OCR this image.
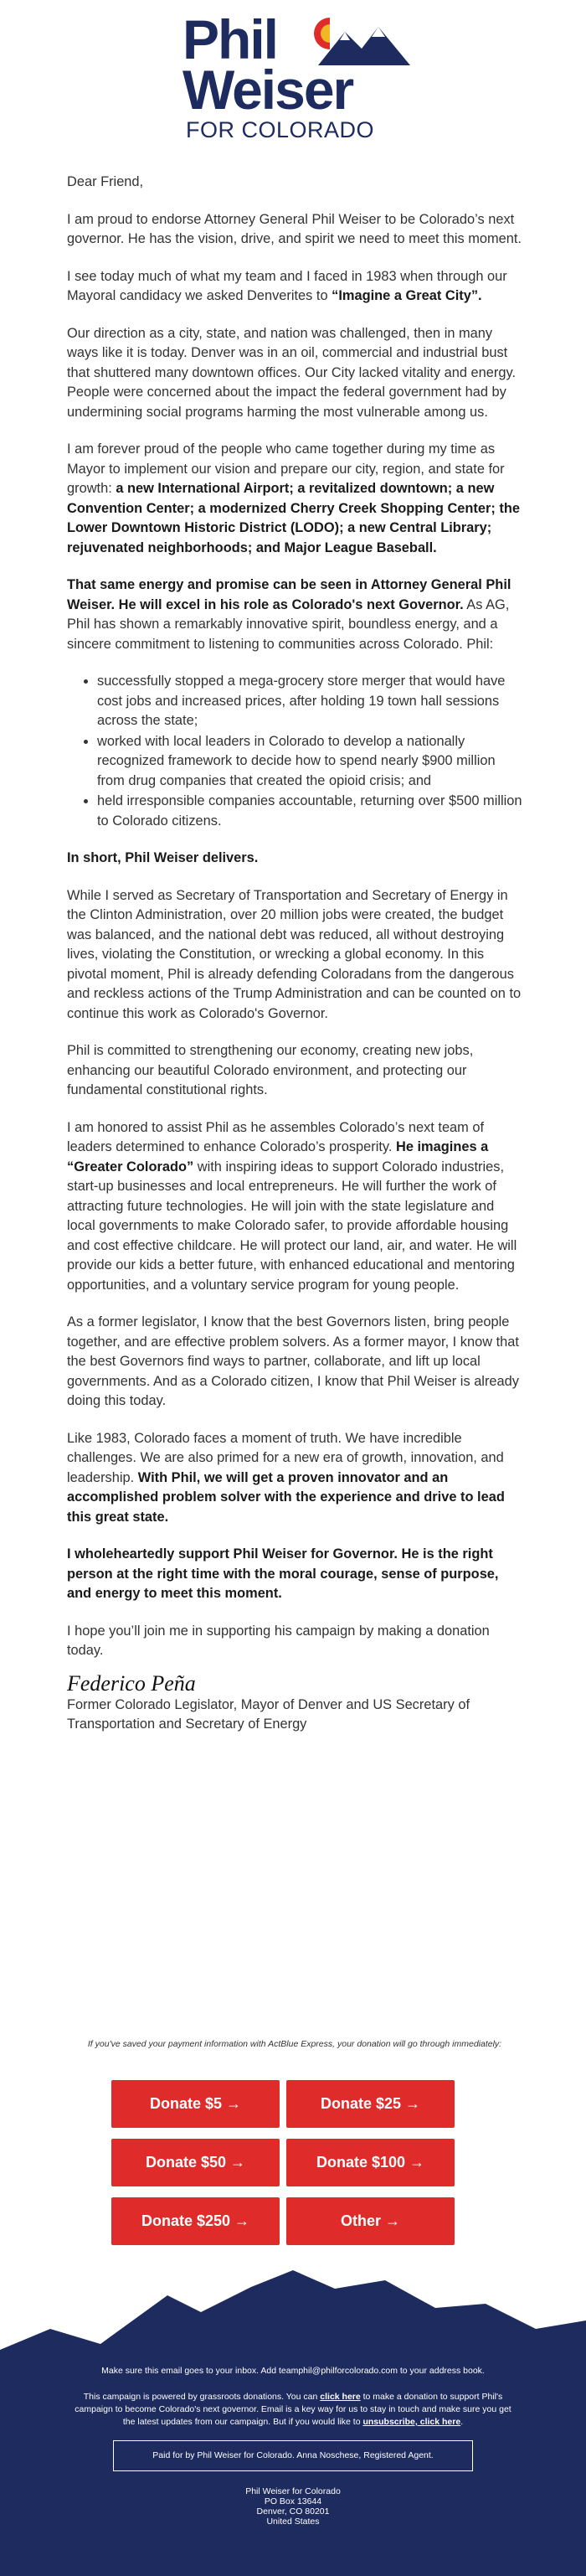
Phil
Weiser
FOR COLORADO

Dear Friend,

I am proud to endorse Attorney General Phil Weiser to be Colorado’s next governor. He has the vision, drive, and spirit we need to meet this moment.

I see today much of what my team and I faced in 1983 when through our Mayoral candidacy we asked Denverites to “Imagine a Great City”.

Our direction as a city, state, and nation was challenged, then in many ways like it is today. Denver was in an oil, commercial and industrial bust that shuttered many downtown offices. Our City lacked vitality and energy. People were concerned about the impact the federal government had by undermining social programs harming the most vulnerable among us.

I am forever proud of the people who came together during my time as Mayor to implement our vision and prepare our city, region, and state for growth: a new International Airport; a revitalized downtown; a new Convention Center; a modernized Cherry Creek Shopping Center; the Lower Downtown Historic District (LODO); a new Central Library; rejuvenated neighborhoods; and Major League Baseball.

That same energy and promise can be seen in Attorney General Phil Weiser. He will excel in his role as Colorado's next Governor. As AG, Phil has shown a remarkably innovative spirit, boundless energy, and a sincere commitment to listening to communities across Colorado. Phil:

• successfully stopped a mega-grocery store merger that would have cost jobs and increased prices, after holding 19 town hall sessions across the state;
• worked with local leaders in Colorado to develop a nationally recognized framework to decide how to spend nearly $900 million from drug companies that created the opioid crisis; and
• held irresponsible companies accountable, returning over $500 million to Colorado citizens.

In short, Phil Weiser delivers.

While I served as Secretary of Transportation and Secretary of Energy in the Clinton Administration, over 20 million jobs were created, the budget was balanced, and the national debt was reduced, all without destroying lives, violating the Constitution, or wrecking a global economy. In this pivotal moment, Phil is already defending Coloradans from the dangerous and reckless actions of the Trump Administration and can be counted on to continue this work as Colorado's Governor.

Phil is committed to strengthening our economy, creating new jobs, enhancing our beautiful Colorado environment, and protecting our fundamental constitutional rights.

I am honored to assist Phil as he assembles Colorado’s next team of leaders determined to enhance Colorado’s prosperity. He imagines a “Greater Colorado” with inspiring ideas to support Colorado industries, start-up businesses and local entrepreneurs. He will further the work of attracting future technologies. He will join with the state legislature and local governments to make Colorado safer, to provide affordable housing and cost effective childcare. He will protect our land, air, and water. He will provide our kids a better future, with enhanced educational and mentoring opportunities, and a voluntary service program for young people.

As a former legislator, I know that the best Governors listen, bring people together, and are effective problem solvers. As a former mayor, I know that the best Governors find ways to partner, collaborate, and lift up local governments. And as a Colorado citizen, I know that Phil Weiser is already doing this today.

Like 1983, Colorado faces a moment of truth. We have incredible challenges. We are also primed for a new era of growth, innovation, and leadership. With Phil, we will get a proven innovator and an accomplished problem solver with the experience and drive to lead this great state.

I wholeheartedly support Phil Weiser for Governor. He is the right person at the right time with the moral courage, sense of purpose, and energy to meet this moment.

I hope you’ll join me in supporting his campaign by making a donation today.

Federico Peña
Former Colorado Legislator, Mayor of Denver and US Secretary of Transportation and Secretary of Energy
If you've saved your payment information with ActBlue Express, your donation will go through immediately:
Donate $5 →	Donate $25 →
Donate $50 →	Donate $100 →
Donate $250 →	Other →

Make sure this email goes to your inbox. Add teamphil@philforcolorado.com to your address book.

This campaign is powered by grassroots donations. You can click here to make a donation to support Phil's campaign to become Colorado's next governor. Email is a key way for us to stay in touch and make sure you get the latest updates from our campaign. But if you would like to unsubscribe, click here.

Paid for by Phil Weiser for Colorado. Anna Noschese, Registered Agent.
Phil Weiser for Colorado
PO Box 13644
Denver, CO 80201
United States
